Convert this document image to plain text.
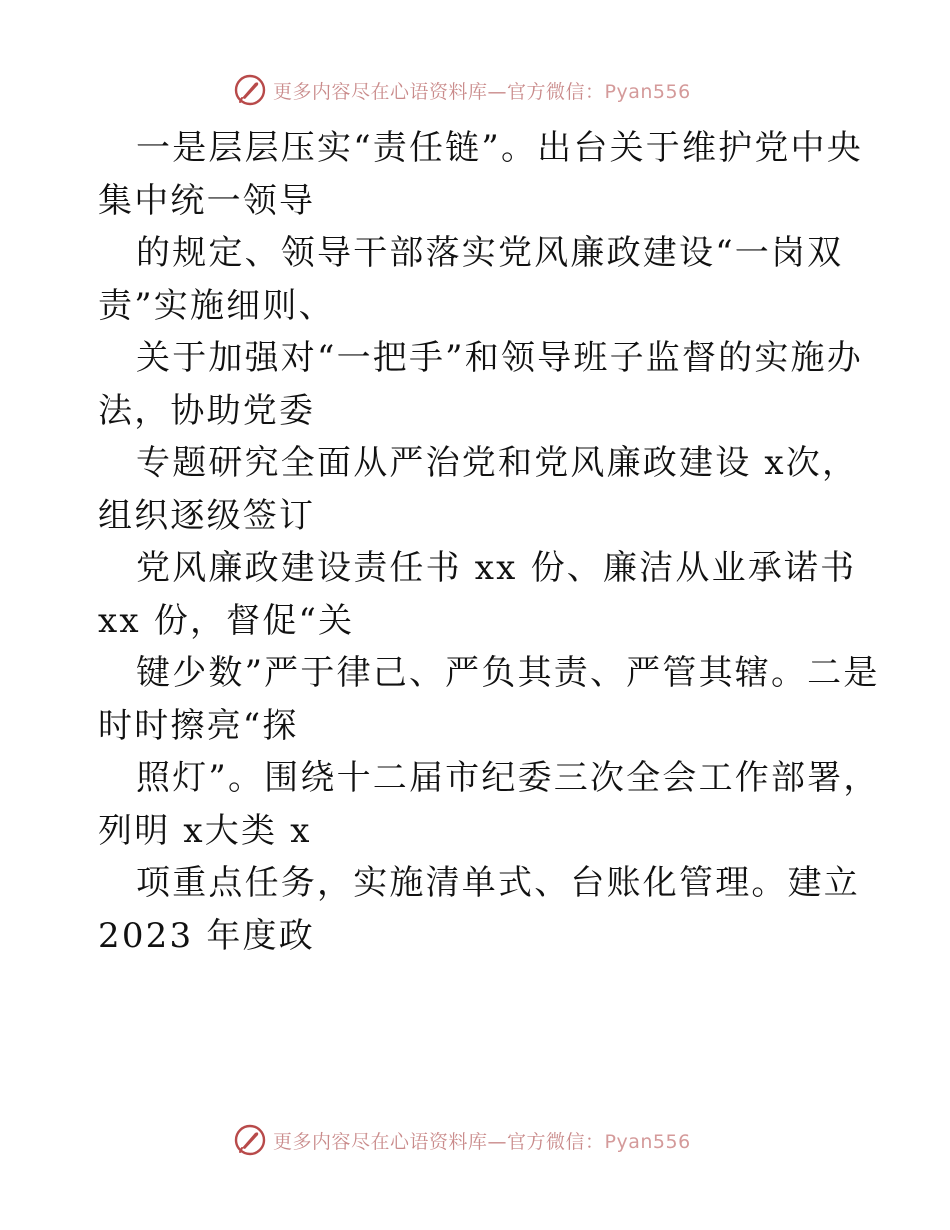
更多内容尽在心语资料库—官方微信：Pyan556
一是层层压实“责任链”。出台关于维护党中央
集中统一领导
的规定、领导干部落实党风廉政建设“一岗双
责”实施细则、
关于加强对“一把手”和领导班子监督的实施办
法，协助党委
专题研究全面从严治党和党风廉政建设 x次，
组织逐级签订
党风廉政建设责任书 xx 份、廉洁从业承诺书
xx 份，督促“关
键少数”严于律己、严负其责、严管其辖。二是
时时擦亮“探
照灯”。围绕十二届市纪委三次全会工作部署，
列明 x大类 x
项重点任务，实施清单式、台账化管理。建立
2023 年度政
更多内容尽在心语资料库—官方微信：Pyan556
